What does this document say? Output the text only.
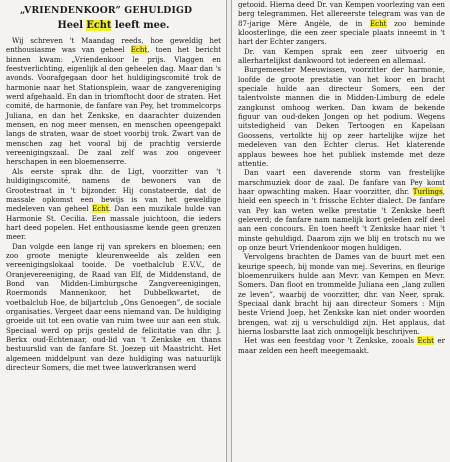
„VRIENDENKOOR” GEHULDIGD
Heel Echt leeft mee.

Wij schreven 't Maandag reeds, hoe geweldig het enthousiasme was van geheel Echt, toen het bericht binnen kwam: „Vriendenkoor le prijs. Vlaggen en feestverlichting, eigenlijk al den geheelen dag. Maar dan 's avonds. Voorafgegaan door het huldigingscomité trok de harmonie naar het Stationsplein, waar de zangvereniging werd afgehaald. En dan in triomftocht door de straten. Het comité, de harmonie, de fanfare van Pey, het trommelcorps Juliana, en dan het Zenkske, en daarachter duizenden mensen, en nog meer mensen, en menschen opeengepakt langs de straten, waar de stoet voorbij trok. Zwart van de menschen zag het vooral bij de prachtig versierde vereenigingszaal. De zaal zelf was zoo ongeveer herschapen in een bloemenserre.

Als eerste sprak dhr. de Ligt, voorzitter van 't huldigingscomité, namens de bewoners van de Grootestraat in 't bijzonder. Hij constateerde, dat de massale opkomst een bewijs is van het geweldige medeleven van geheel Echt. Dan een muzikale hulde van Harmonie St. Cecilia. Een massale juichtoon, die ieders hart deed popelen. Het enthousiasme kende geen grenzen meer.

Dan volgde een lange rij van sprekers en bloemen; een zoo groote menigte kleurenweelde als zelden een vereenigingslokaal tooide. De voetbalclub E.V.V., de Oranjevereeniging, de Raad van Elf, de Middenstand, de Bond van Midden-Limburgsche Zangvereenigingen, Roermonds Mannenkoor, het Dubbelkwartet, de voetbalclub Hoe, de biljartclub „Ons Genoegen”, de sociale organisaties. Vergeet daar eens niemand van. De huldiging groeide uit tot een ovatie van ruim twee uur aan een stuk. Speciaal werd op prijs gesteld de felicitatie van dhr. J. Berkx oud-Echtenaar, oud-lid van 't Zenkske en thans bestuurslid van de fanfare St. Joezep uit Maastricht. Het algemeen middelpunt van deze huldiging was natuurlijk directeur Somers, die met twee lauwerkransen werd

getooid. Hierna deed Dr. van Kempen voorlezing van een berg telegrammen. Het allereerste telegram was van de 87-jarige Mère Angèle, de in Echt zoo beminde kloosterlinge, die een zeer speciale plaats inneemt in 't hart der Echter zangers.

Dr. van Kempen sprak een zeer uitvoerig en allerhartelijkst dankwoord tot iedereen en allemaal.

Burgemeester Meeuwissen, voorzitter der harmonie, loofde de groote prestatie van het koor en bracht speciale hulde aan directeur Somers, een der talentvolste mannen die in Midden-Limburg de edele zangkunst omhoog werken. Dan kwam de bekende figuur van oud-deken Jongen op het podium. Wegens uitstedigheid van Deken Tertoogen en Kapelaan Goossens, vertolkte hij op zeer hartelijke wijze het medeleven van den Echter clerus. Het klaterende applaus bewees hoe het publiek instemde met deze attentie.

Dan vaart een daverende storm van frestelijke marschmuziek door de zaal. De fanfare van Pey komt haar opwachting maken. Haar voorzitter, dhr. Turlings, hield een speech in 't frissche Echter dialect. De fanfare van Pey kan weten welke prestatie 't Zenkske heeft geleverd; de fanfare nam namelijk kort geleden zelf deel aan een concours. En toen heeft 't Zenkske haar niet 't minste gehuldigd. Daarom zijn we blij en trotsch nu we op onze beurt Vriendenkoor mogen huldigen.

Vervolgens brachten de Dames van de buurt met een keurige speech, bij monde van mej. Severins, en fleurige bloemenruikers hulde aan Mevr. van Kempen en Mevr. Somers. Dan floot en trommelde Juliana een „lang zullen ze leven”, waarbij de voorzitter, dhr. van Neer, sprak. Speciaal dank bracht hij aan directeur Somers : Mijn beste Vriend Joep, het Zenkske kan niet onder woorden brengen, wat zij u verschuldigd zijn. Het applaus, dat hierna losbarstte laat zich onmogelijk beschrijven.

Het was een feestdag voor 't Zenkske, zooals Echt er maar zelden een heeft meegemaakt.
